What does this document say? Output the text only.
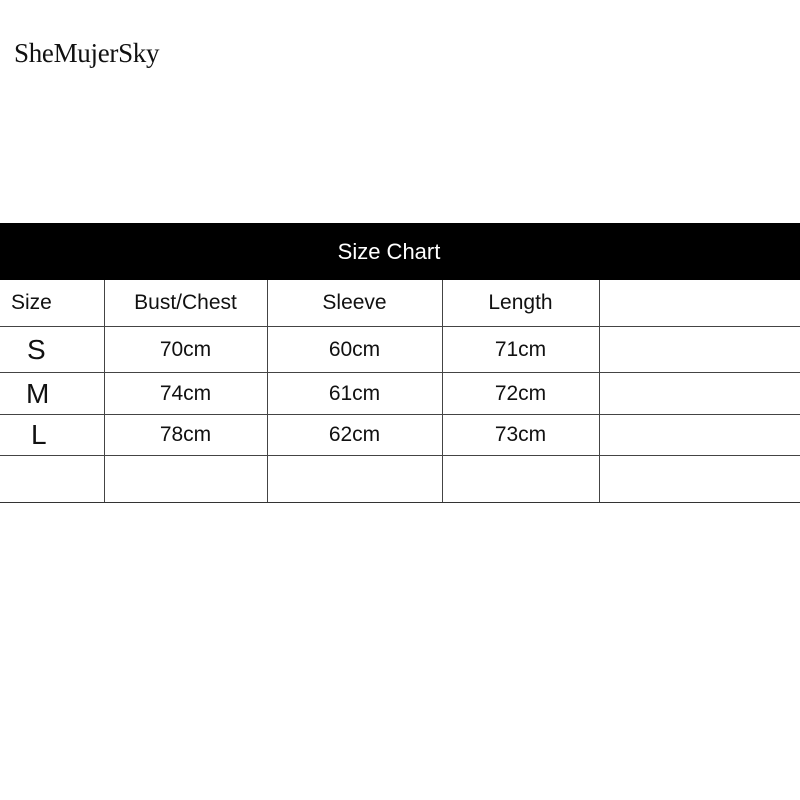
SheMujerSky
Size Chart
Size	Bust/Chest	Sleeve	Length	
S	70cm	60cm	71cm	
M	74cm	61cm	72cm	
L	78cm	62cm	73cm	
